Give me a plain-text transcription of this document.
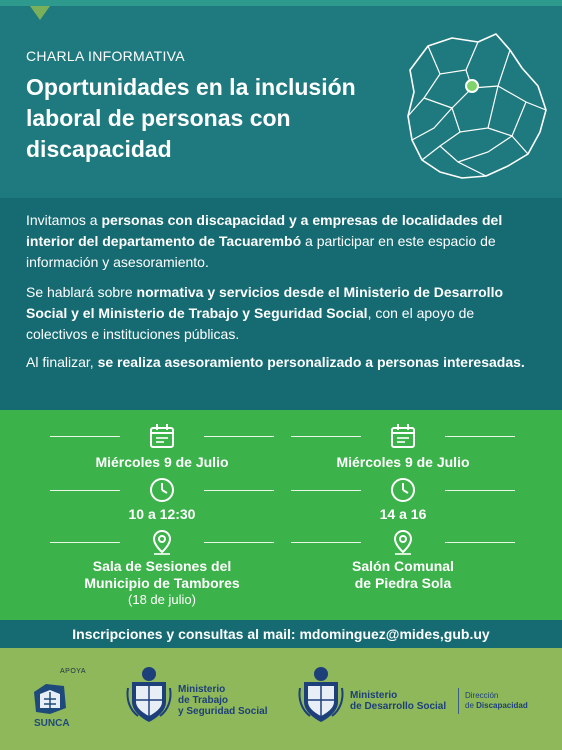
CHARLA INFORMATIVA
Oportunidades en la inclusión laboral de personas con discapacidad

Invitamos a personas con discapacidad y a empresas de localidades del interior del departamento de Tacuarembó a participar en este espacio de información y asesoramiento.

Se hablará sobre normativa y servicios desde el Ministerio de Desarrollo Social y el Ministerio de Trabajo y Seguridad Social, con el apoyo de colectivos e instituciones públicas.

Al finalizar, se realiza asesoramiento personalizado a personas interesadas.

Miércoles 9 de Julio
10 a 12:30
Sala de Sesiones del
Municipio de Tambores
(18 de julio)
Miércoles 9 de Julio
14 a 16
Salón Comunal
de Piedra Sola
Inscripciones y consultas al mail: mdominguez@mides,gub.uy
APOYA
SUNCA
Ministerio
de Trabajo
y Seguridad Social
Ministerio
de Desarrollo Social
Dirección
de Discapacidad
